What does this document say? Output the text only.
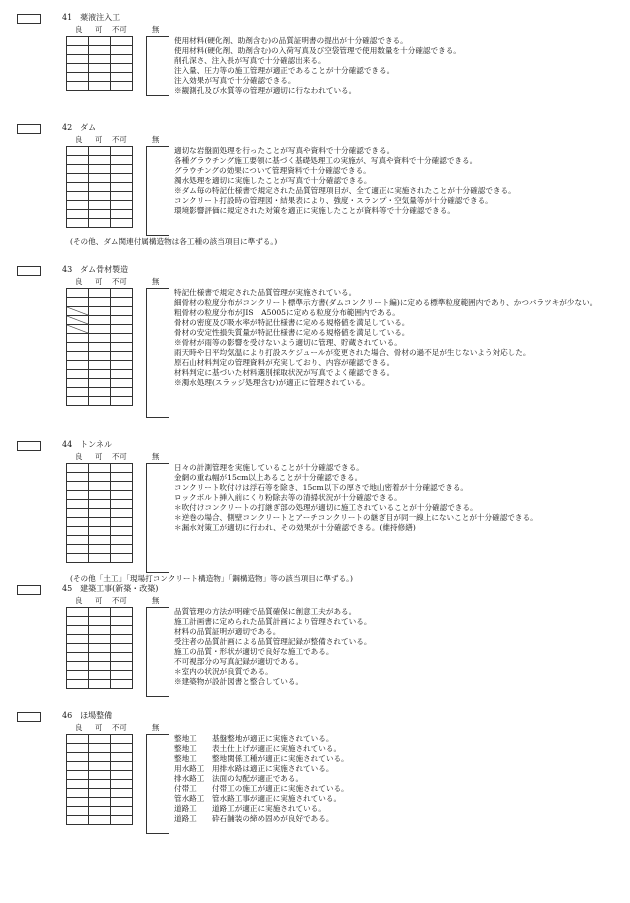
41　薬液注入工
良 可 不可	無

使用材料(硬化剤、助剤含む)の品質証明書の提出が十分確認できる。
使用材料(硬化剤、助剤含む)の入荷写真及び空袋管理で使用数量を十分確認できる。
削孔深さ、注入長が写真で十分確認出来る。
注入量、圧力等の施工管理が適正であることが十分確認できる。
注入効果が写真で十分確認できる。
※観測孔及び水質等の管理が適切に行なわれている。
42　ダム
良 可 不可	無

適切な岩盤面処理を行ったことが写真や資料で十分確認できる。
各種グラウチング施工要領に基づく基礎処理工の実施が、写真や資料で十分確認できる。
グラウチングの効果について管理資料で十分確認できる。
濁水処理を適切に実施したことが写真で十分確認できる。
※ダム毎の特記仕様書で規定された品質管理項目が、全て適正に実施されたことが十分確認できる。
コンクリート打設時の管理図・結果表により、強度・スランプ・空気量等が十分確認できる。
環境影響評価に規定された対策を適正に実施したことが資料等で十分確認できる。
(その他、ダム関連付属構造物は各工種の該当項目に準ずる。)
43　ダム骨材製造
良 可 不可	無

特記仕様書で規定された品質管理が実施されている。
細骨材の粒度分布がコンクリート標準示方書(ダムコンクリート編)に定める標準粒度範囲内であり、かつバラツキが少ない。
粗骨材の粒度分布がJIS　A5005に定める粒度分布範囲内である。
骨材の密度及び吸水率が特記仕様書に定める規格値を満足している。
骨材の安定性損失質量が特記仕様書に定める規格値を満足している。
※骨材が雨等の影響を受けないよう適切に管理、貯蔵されている。
雨天時や日平均気温により打設スケジュールが変更された場合、骨材の過不足が生じないよう対応した。
原石山材料判定の管理資料が充実しており、内容が確認できる。
材料判定に基づいた材料選別採取状況が写真でよく確認できる。
※濁水処理(スラッジ処理含む)が適正に管理されている。
44　トンネル
良 可 不可	無

日々の計測管理を実施していることが十分確認できる。
金網の重ね幅が15cm以上あることが十分確認できる。
コンクリート吹付けは浮石等を除き、15cm以下の厚さで地山密着が十分確認できる。
ロックボルト挿入前にくり粉除去等の清掃状況が十分確認できる。
＊吹付けコンクリートの打継ぎ部の処理が適切に施工されていることが十分確認できる。
＊逆巻の場合、側壁コンクリートとアーチコンクリートの継ぎ目が同一線上にないことが十分確認できる。
＊漏水対策工が適切に行われ、その効果が十分確認できる。(維持修繕)
(その他「土工」「現場打コンクリート構造物」「鋼構造物」等の該当項目に準ずる。)
45　建築工事(新築・改築)
良 可 不可	無

品質管理の方法が明確で品質確保に創意工夫がある。
施工計画書に定められた品質計画により管理されている。
材料の品質証明が適切である。
受注者の品質計画による品質管理記録が整備されている。
施工の品質・形状が適切で良好な施工である。
不可視部分の写真記録が適切である。
＊室内の状況が良質である。
※建築物が設計図書と整合している。
46　ほ場整備
良 可 不可	無

整地工　　基盤整地が適正に実施されている。
整地工　　表土仕上げが適正に実施されている。
整地工　　整地関係工種が適正に実施されている。
用水路工　用排水路は適正に実施されている。
排水路工　法面の勾配が適正である。
付帯工　　付帯工の施工が適正に実施されている。
管水路工　管水路工事が適正に実施されている。
道路工　　道路工が適正に実施されている。
道路工　　砕石舗装の締め固めが良好である。
